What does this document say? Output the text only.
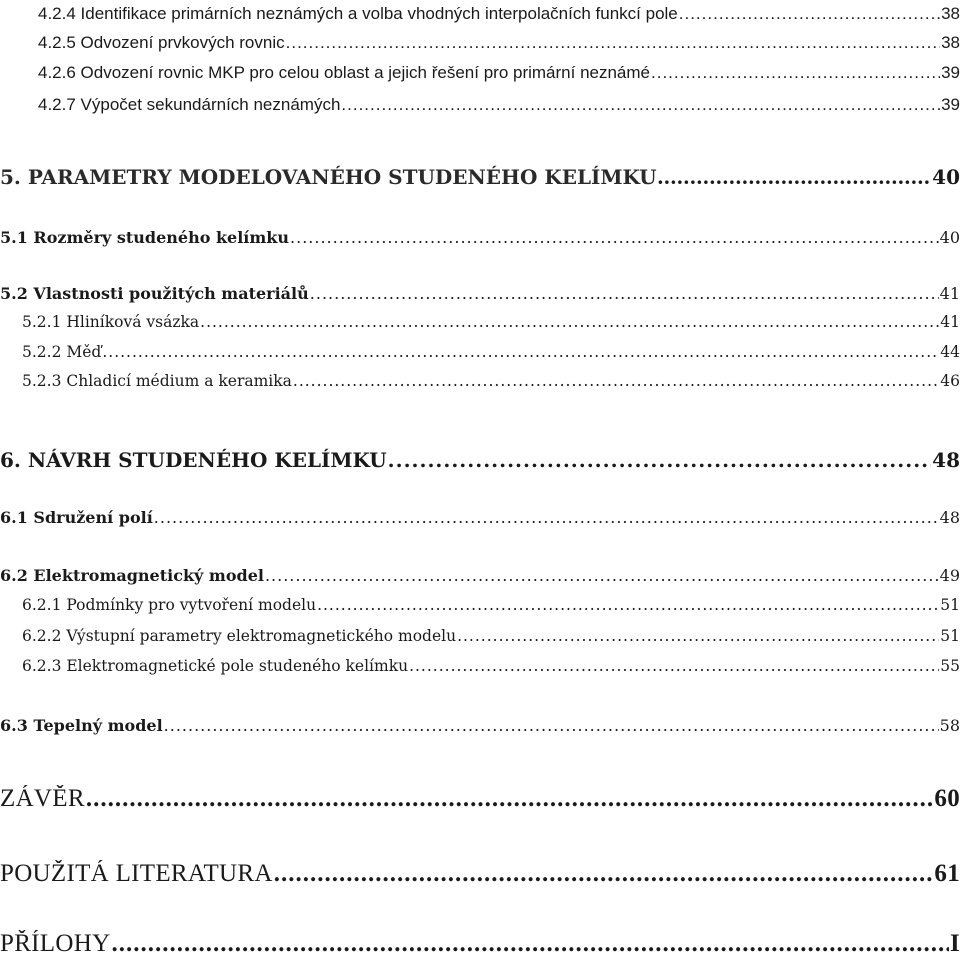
4.2.4 Identifikace primárních neznámých a volba vhodných interpolačních funkcí pole .....	38
4.2.5 Odvození prvkových rovnic .....	38
4.2.6 Odvození rovnic MKP pro celou oblast a jejich řešení pro primární neznámé .....	39
4.2.7 Výpočet sekundárních neznámých .....	39
5. PARAMETRY MODELOVANÉHO STUDENÉHO KELÍMKU .....	40
5.1 Rozměry studeného kelímku .....	40
5.2 Vlastnosti použitých materiálů .....	41
5.2.1 Hliníková vsázka .....	41
5.2.2 Měď .....	44
5.2.3 Chladicí médium a keramika .....	46
6. NÁVRH STUDENÉHO KELÍMKU .....	48
6.1 Sdružení polí .....	48
6.2 Elektromagnetický model .....	49
6.2.1 Podmínky pro vytvoření modelu .....	51
6.2.2 Výstupní parametry elektromagnetického modelu .....	51
6.2.3 Elektromagnetické pole studeného kelímku .....	55
6.3 Tepelný model .....	58
ZÁVĚR .....	60
POUŽITÁ LITERATURA .....	61
PŘÍLOHY .....	I
